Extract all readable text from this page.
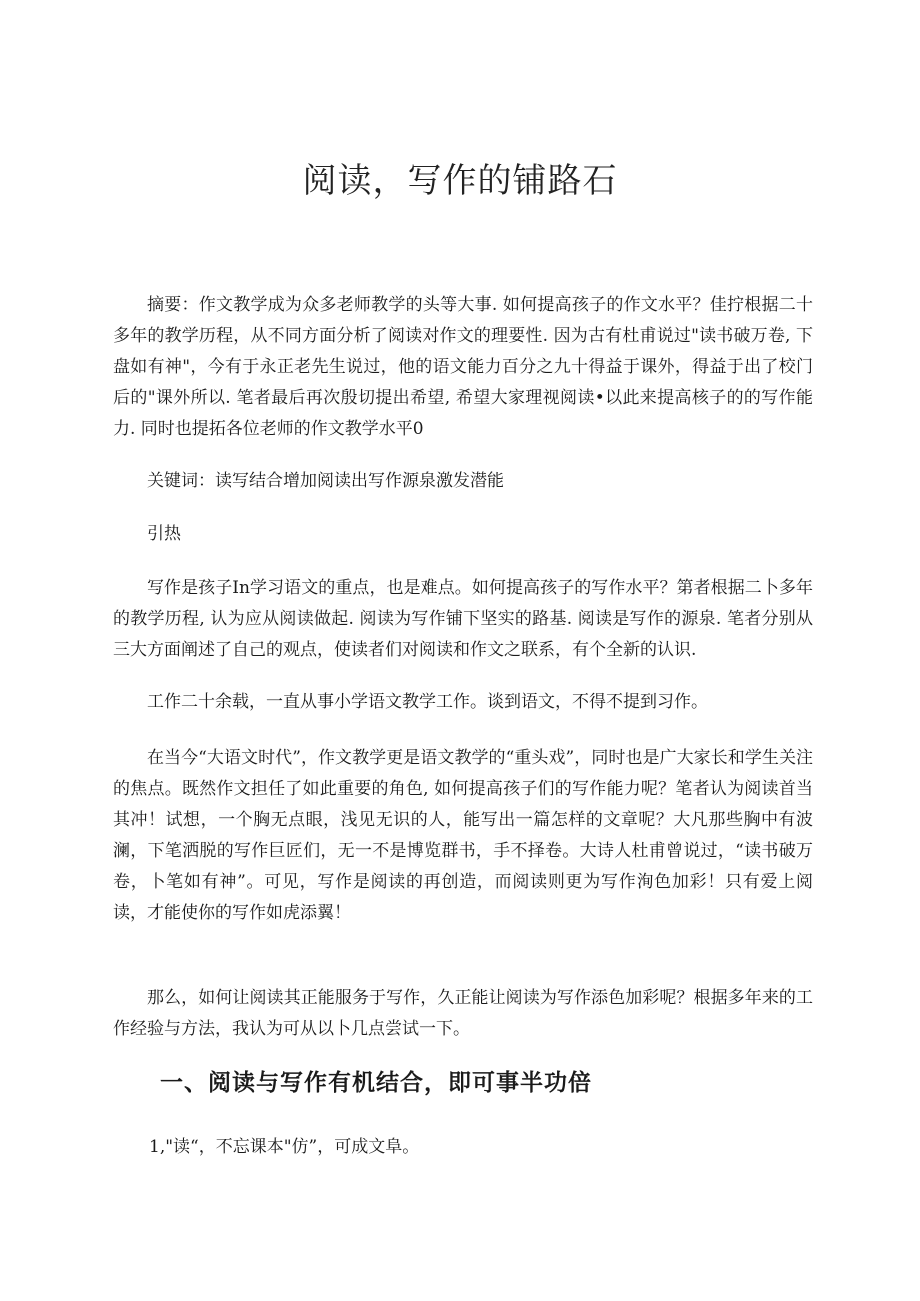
阅读，写作的铺路石

摘要：作文教学成为众多老师教学的头等大事. 如何提高孩子的作文水平？佳拧根据二十多年的教学历程，从不同方面分析了阅读对作文的理要性. 因为古有杜甫说过"读书破万卷, 下盘如有神"，今有于永正老先生说过，他的语文能力百分之九十得益于课外，得益于出了校门后的"课外所以. 笔者最后再次殷切提出希望, 希望大家理视阅读•以此来提高核子的的写作能力. 同时也提拓各位老师的作文教学水平0

关键词：读写结合增加阅读出写作源泉激发潜能

引热

写作是孩子In学习语文的重点，也是难点。如何提高孩子的写作水平？第者根据二卜多年的教学历程, 认为应从阅读做起. 阅读为写作铺下坚实的路基. 阅读是写作的源泉. 笔者分别从三大方面阐述了自己的观点，使读者们对阅读和作文之联系，有个全新的认识.

工作二十余载，一直从事小学语文教学工作。谈到语文，不得不提到习作。

在当今“大语文时代”，作文教学更是语文教学的“重头戏”，同时也是广大家长和学生关注的焦点。既然作文担任了如此重要的角色, 如何提高孩子们的写作能力呢？笔者认为阅读首当其冲！试想，一个胸无点眼，浅见无识的人，能写出一篇怎样的文章呢？大凡那些胸中有波澜，下笔洒脱的写作巨匠们，无一不是博览群书，手不择卷。大诗人杜甫曾说过，“读书破万卷，卜笔如有神”。可见，写作是阅读的再创造，而阅读则更为写作洵色加彩！只有爱上阅读，才能使你的写作如虎添翼！

那么，如何让阅读其正能服务于写作，久正能让阅读为写作添色加彩呢？根据多年来的工作经验与方法，我认为可从以卜几点尝试一下。

一、阅读与写作有机结合，即可事半功倍

1,"读“，不忘课本"仿”，可成文阜。
